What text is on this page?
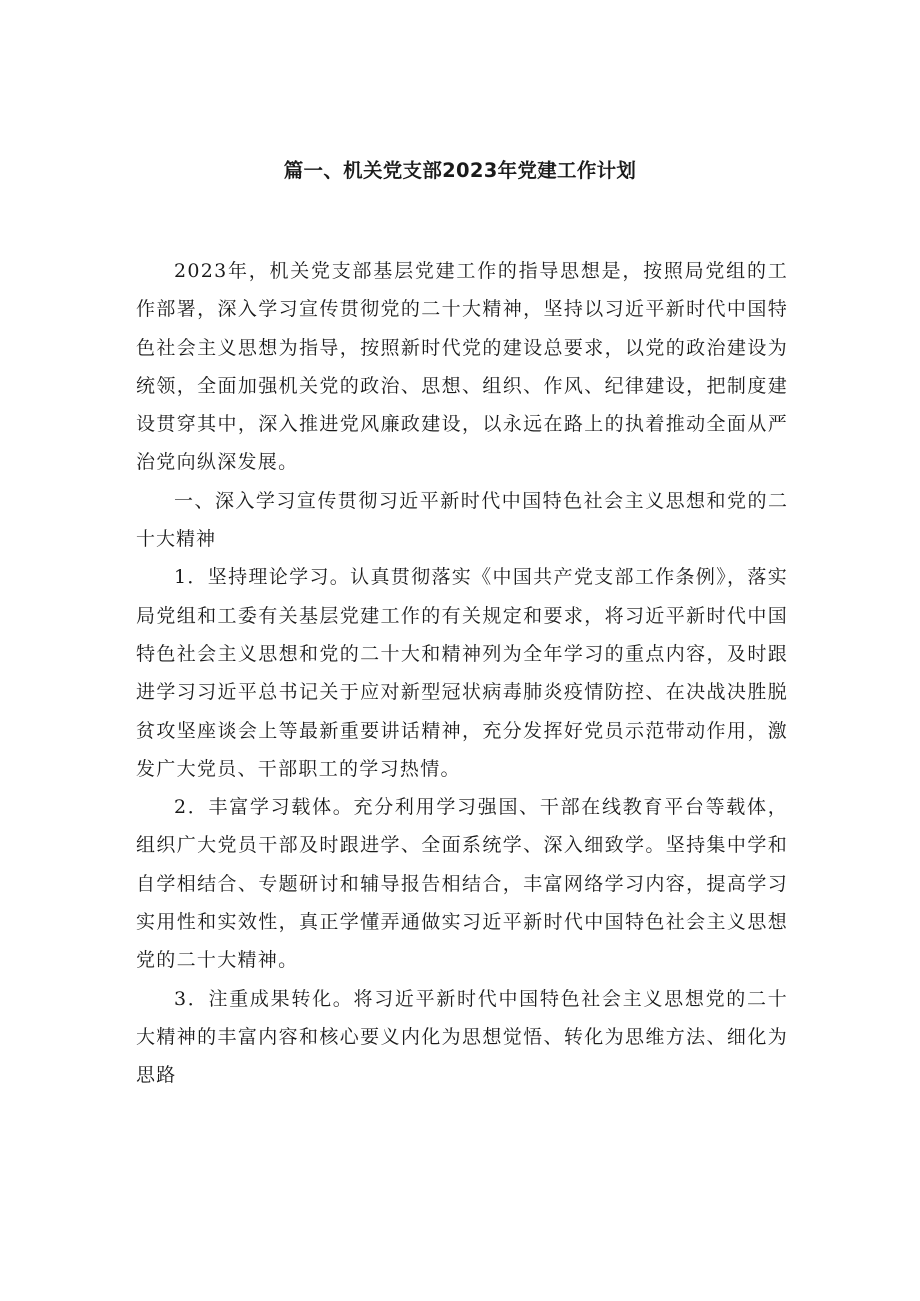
篇一、机关党支部2023年党建工作计划

2023年，机关党支部基层党建工作的指导思想是，按照局党组的工作部署，深入学习宣传贯彻党的二十大精神，坚持以习近平新时代中国特色社会主义思想为指导，按照新时代党的建设总要求，以党的政治建设为统领，全面加强机关党的政治、思想、组织、作风、纪律建设，把制度建设贯穿其中，深入推进党风廉政建设，以永远在路上的执着推动全面从严治党向纵深发展。

一、深入学习宣传贯彻习近平新时代中国特色社会主义思想和党的二十大精神

1．坚持理论学习。认真贯彻落实《中国共产党支部工作条例》，落实局党组和工委有关基层党建工作的有关规定和要求，将习近平新时代中国特色社会主义思想和党的二十大和精神列为全年学习的重点内容，及时跟进学习习近平总书记关于应对新型冠状病毒肺炎疫情防控、在决战决胜脱贫攻坚座谈会上等最新重要讲话精神，充分发挥好党员示范带动作用，激发广大党员、干部职工的学习热情。

2．丰富学习载体。充分利用学习强国、干部在线教育平台等载体，组织广大党员干部及时跟进学、全面系统学、深入细致学。坚持集中学和自学相结合、专题研讨和辅导报告相结合，丰富网络学习内容，提高学习实用性和实效性，真正学懂弄通做实习近平新时代中国特色社会主义思想党的二十大精神。

3．注重成果转化。将习近平新时代中国特色社会主义思想党的二十大精神的丰富内容和核心要义内化为思想觉悟、转化为思维方法、细化为思路
